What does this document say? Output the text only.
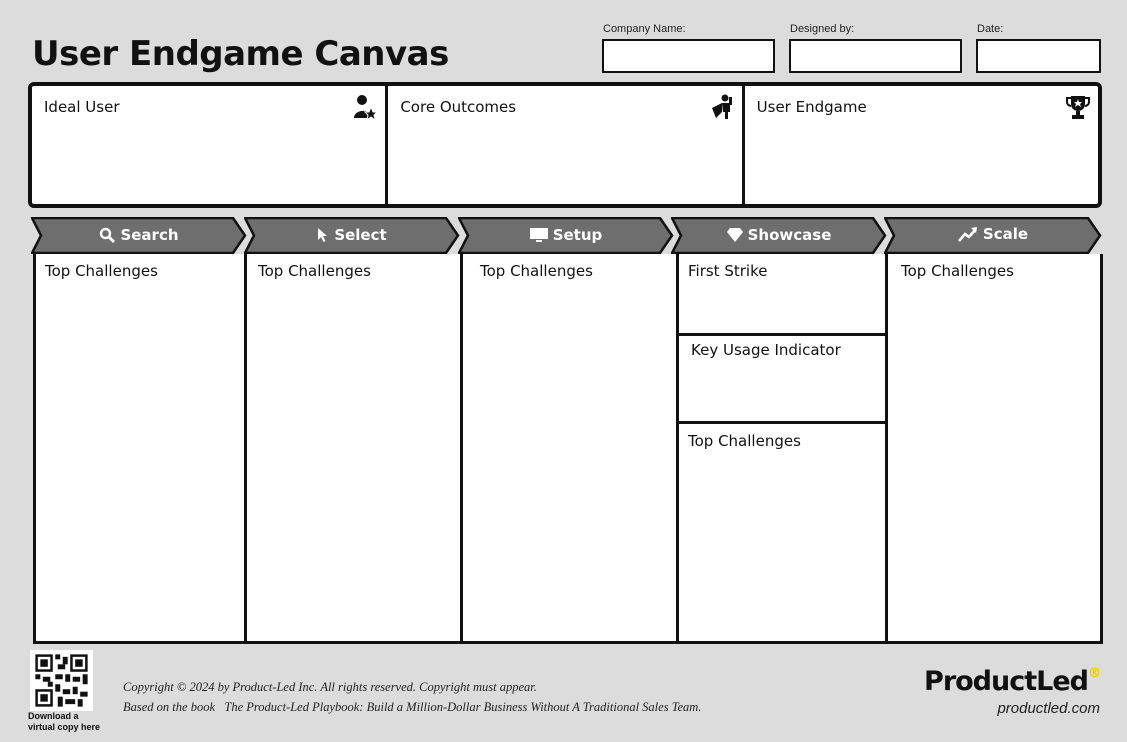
User Endgame Canvas
Company Name:	Designed by:	Date:
Ideal User	Core Outcomes	User Endgame
Search	Select	Setup	Showcase	Scale
Top Challenges	Top Challenges	Top Challenges	First Strike
Key Usage Indicator
Top Challenges
Top Challenges
Download a
virtual copy here
Copyright © 2024 by Product-Led Inc. All rights reserved. Copyright must appear.
Based on the book   The Product-Led Playbook: Build a Million-Dollar Business Without A Traditional Sales Team.
ProductLed®
productled.com
